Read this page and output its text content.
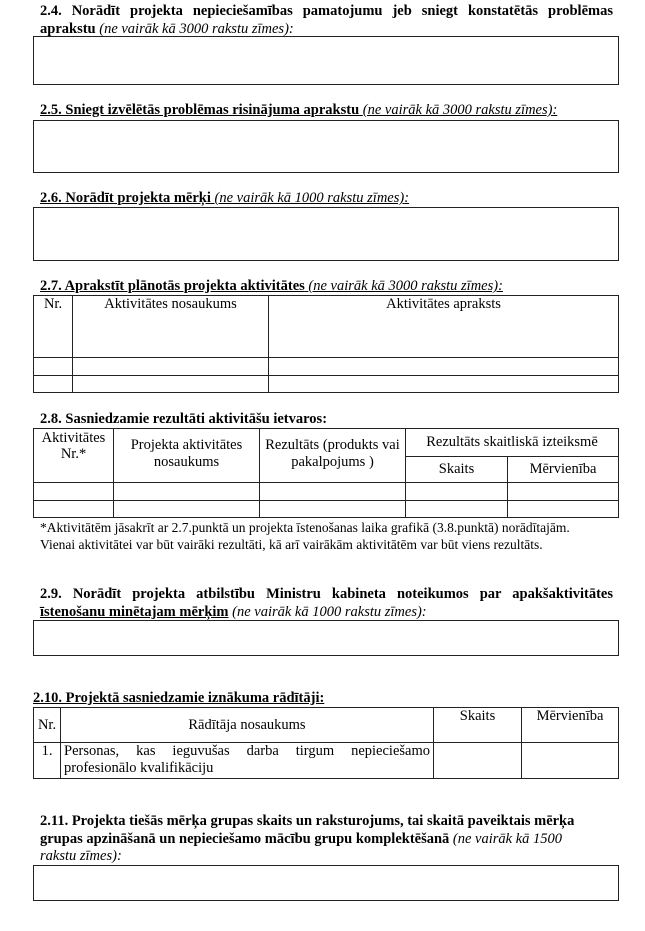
2.4. Norādīt projekta nepieciešamības pamatojumu jeb sniegt konstatētās problēmas
aprakstu (ne vairāk kā 3000 rakstu zīmes):
2.5. Sniegt izvēlētās problēmas risinājuma aprakstu (ne vairāk kā 3000 rakstu zīmes):
2.6. Norādīt projekta mērķi (ne vairāk kā 1000 rakstu zīmes):
2.7. Aprakstīt plānotās projekta aktivitātes (ne vairāk kā 3000 rakstu zīmes):
Nr.	Aktivitātes nosaukums	Aktivitātes apraksts

2.8. Sasniedzamie rezultāti aktivitāšu ietvaros:
Aktivitātes Nr.*	Projekta aktivitātes nosaukums	Rezultāts (produkts vai pakalpojums )	Rezultāts skaitliskā izteiksmē	
			Skaits	Mērvienība

*Aktivitātēm jāsakrīt ar 2.7.punktā un projekta īstenošanas laika grafikā (3.8.punktā) norādītajām.
Vienai aktivitātei var būt vairāki rezultāti, kā arī vairākām aktivitātēm var būt viens rezultāts.
2.9. Norādīt projekta atbilstību Ministru kabineta noteikumos par apakšaktivitātes
īstenošanu minētajam mērķim (ne vairāk kā 1000 rakstu zīmes):
2.10. Projektā sasniedzamie iznākuma rādītāji:
Nr.	Rādītāja nosaukums	Skaits	Mērvienība
1.	Personas, kas ieguvušas darba tirgum nepieciešamo profesionālo kvalifikāciju		
2.11. Projekta tiešās mērķa grupas skaits un raksturojums, tai skaitā paveiktais mērķa grupas apzināšanā un nepieciešamo mācību grupu komplektēšanā (ne vairāk kā 1500 rakstu zīmes):
